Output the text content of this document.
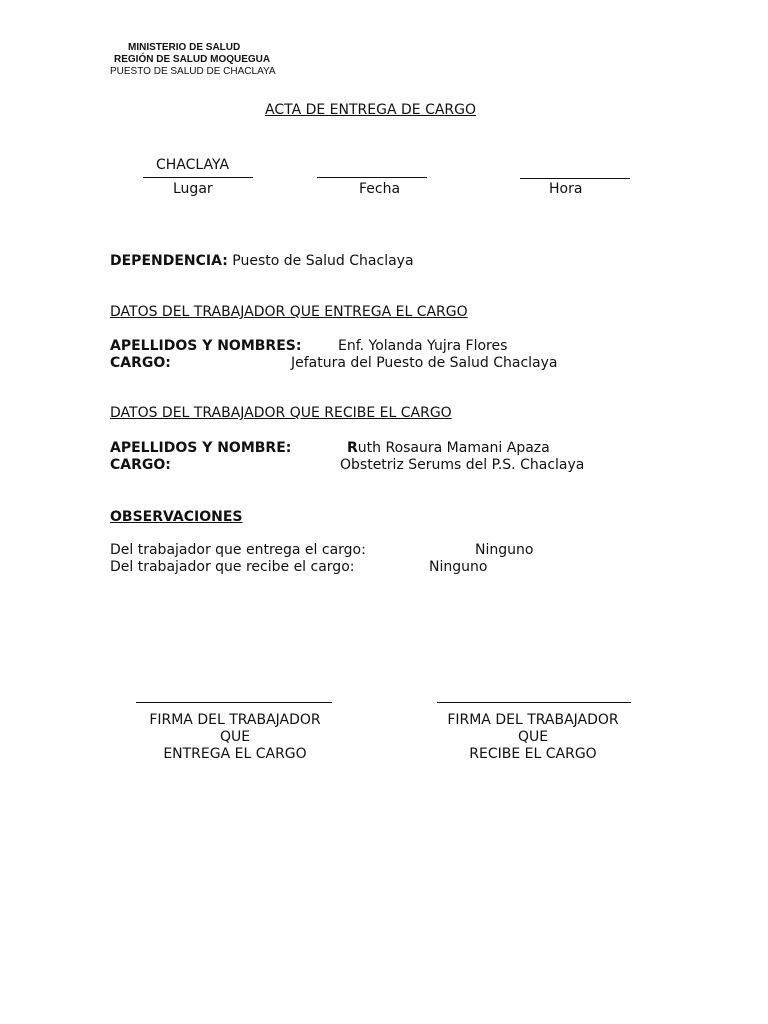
MINISTERIO DE SALUD
REGIÓN DE SALUD MOQUEGUA
PUESTO DE SALUD DE CHACLAYA
ACTA DE ENTREGA DE CARGO
CHACLAYA
Lugar	Fecha	Hora
DEPENDENCIA: Puesto de Salud Chaclaya
DATOS DEL TRABAJADOR QUE ENTREGA EL CARGO
APELLIDOS Y NOMBRES:	Enf. Yolanda Yujra Flores
CARGO:	Jefatura del Puesto de Salud Chaclaya
DATOS DEL TRABAJADOR QUE RECIBE EL CARGO
APELLIDOS Y NOMBRE:	Ruth Rosaura Mamani Apaza
CARGO:	Obstetriz Serums del P.S. Chaclaya
OBSERVACIONES
Del trabajador que entrega el cargo:	Ninguno
Del trabajador que recibe el cargo:	Ninguno
FIRMA DEL TRABAJADOR
QUE
ENTREGA EL CARGO
FIRMA DEL TRABAJADOR
QUE
RECIBE EL CARGO
